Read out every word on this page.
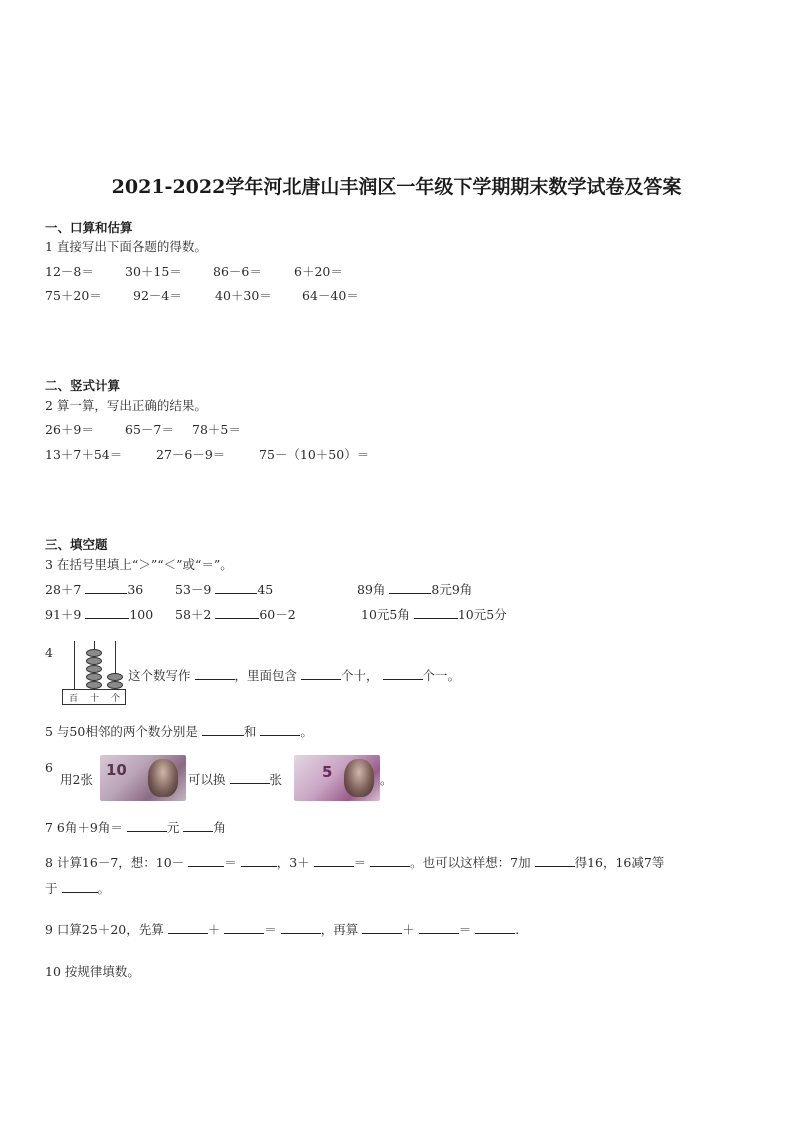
2021-2022学年河北唐山丰润区一年级下学期期末数学试卷及答案
一、口算和估算
1 直接写出下面各题的得数。
12－8＝ 30＋15＝ 86－6＝	6＋20＝
75＋20＝ 92－4＝	40＋30＝ 64－40＝
二、竖式计算
2 算一算，写出正确的结果。
26＋9＝ 65－7＝ 78＋5＝
13＋7＋54＝	27－6－9＝	75－（10＋50）＝
三、填空题
3 在括号里填上“＞”“＜”或“＝”。
28＋7	36	53－9	45	89角	8元9角
91＋9	100 58＋2	60－2	10元5角	10元5分
4
百 十 个
这个数写作	，里面包含	个十，	个一。
5 与50相邻的两个数分别是	和	。
6
用2张
10
可以换	张	5	。
7 6角＋9角＝	元	角
8 计算16－7，想：10－	＝	，3＋	＝	。也可以这样想：7加	得16，16减7等
于	。
9 口算25＋20，先算	＋	＝	，再算	＋	＝	.
10 按规律填数。
